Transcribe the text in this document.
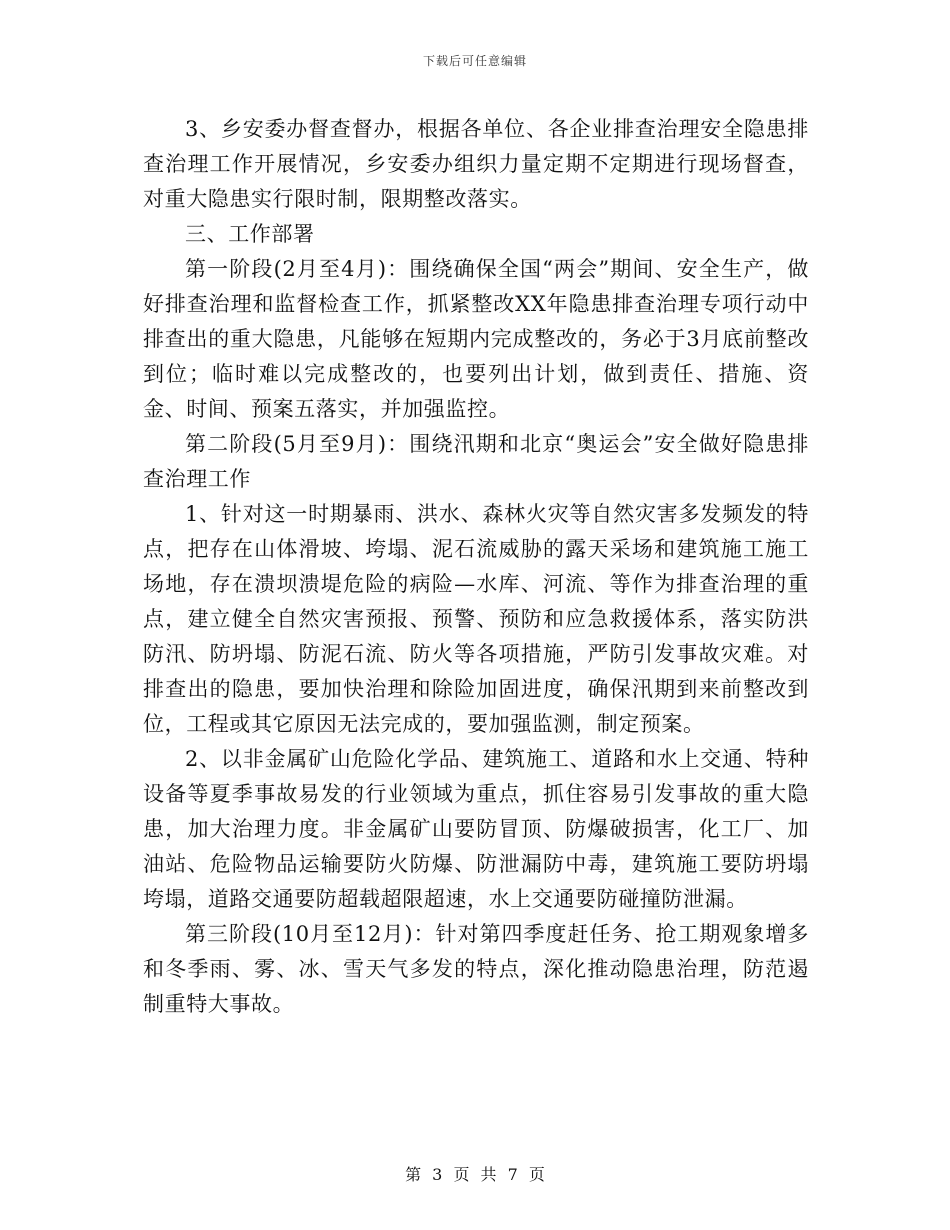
下载后可任意编辑

3、乡安委办督查督办，根据各单位、各企业排查治理安全隐患排查治理工作开展情况，乡安委办组织力量定期不定期进行现场督查，对重大隐患实行限时制，限期整改落实。

三、工作部署

第一阶段(2月至4月)：围绕确保全国“两会”期间、安全生产，做好排查治理和监督检查工作，抓紧整改XX年隐患排查治理专项行动中排查出的重大隐患，凡能够在短期内完成整改的，务必于3月底前整改到位；临时难以完成整改的，也要列出计划，做到责任、措施、资金、时间、预案五落实，并加强监控。

第二阶段(5月至9月)：围绕汛期和北京“奥运会”安全做好隐患排查治理工作

1、针对这一时期暴雨、洪水、森林火灾等自然灾害多发频发的特点，把存在山体滑坡、垮塌、泥石流威胁的露天采场和建筑施工施工场地，存在溃坝溃堤危险的病险—水库、河流、等作为排查治理的重点，建立健全自然灾害预报、预警、预防和应急救援体系，落实防洪防汛、防坍塌、防泥石流、防火等各项措施，严防引发事故灾难。对排查出的隐患，要加快治理和除险加固进度，确保汛期到来前整改到位，工程或其它原因无法完成的，要加强监测，制定预案。

2、以非金属矿山危险化学品、建筑施工、道路和水上交通、特种设备等夏季事故易发的行业领域为重点，抓住容易引发事故的重大隐患，加大治理力度。非金属矿山要防冒顶、防爆破损害，化工厂、加油站、危险物品运输要防火防爆、防泄漏防中毒，建筑施工要防坍塌垮塌，道路交通要防超载超限超速，水上交通要防碰撞防泄漏。

第三阶段(10月至12月)：针对第四季度赶任务、抢工期观象增多和冬季雨、雾、冰、雪天气多发的特点，深化推动隐患治理，防范遏制重特大事故。

第 3 页 共 7 页
